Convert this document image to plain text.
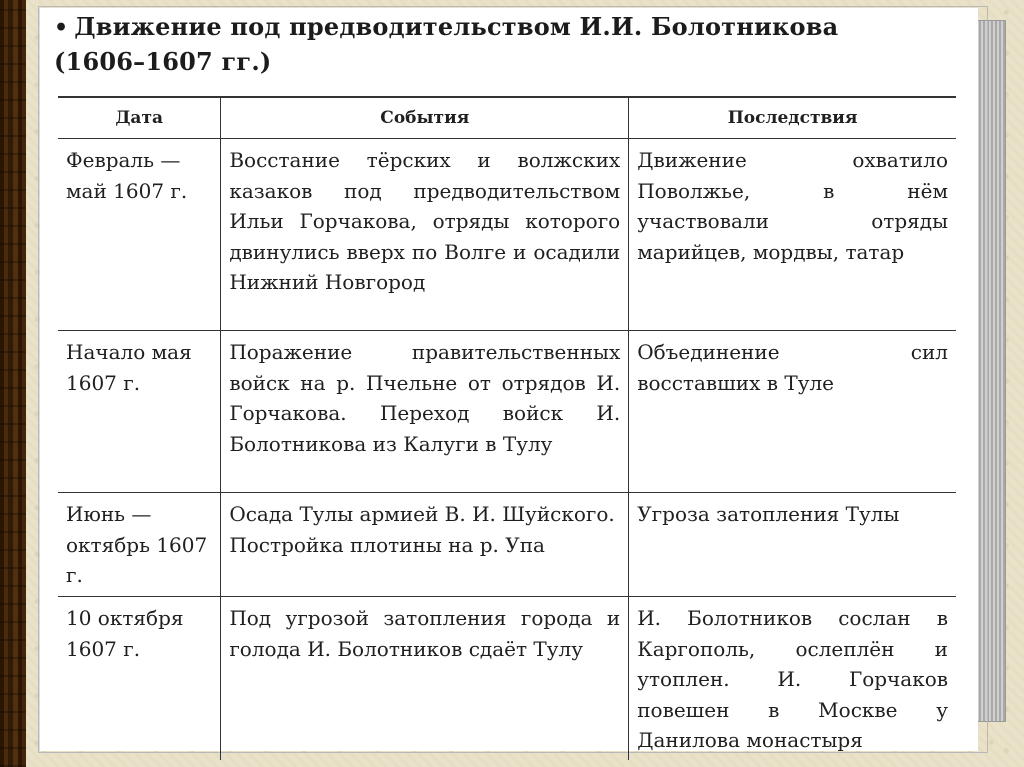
• Движение под предводительством И.И. Болотникова
(1606–1607 гг.)
Дата	События	Последствия
Февраль — май 1607 г.	Восстание тёрских и волжских казаков под предводительством Ильи Горчакова, отряды которого двинулись вверх по Волге и осадили Нижний Новгород	Движение охватило Поволжье, в нём участвовали отряды марийцев, мордвы, татар
Начало мая 1607 г.	Поражение правительственных войск на р. Пчельне от отрядов И. Горчакова. Переход войск И. Болотникова из Калуги в Тулу	Объединение сил восставших в Туле
Июнь — октябрь 1607 г.	Осада Тулы армией В. И. Шуйского. Постройка плотины на р. Упа	Угроза затопления Тулы
10 октября 1607 г.	Под угрозой затопления города и голода И. Болотников сдаёт Тулу	И. Болотников сослан в Каргополь, ослеплён и утоплен. И. Горчаков повешен в Москве у Данилова монастыря
